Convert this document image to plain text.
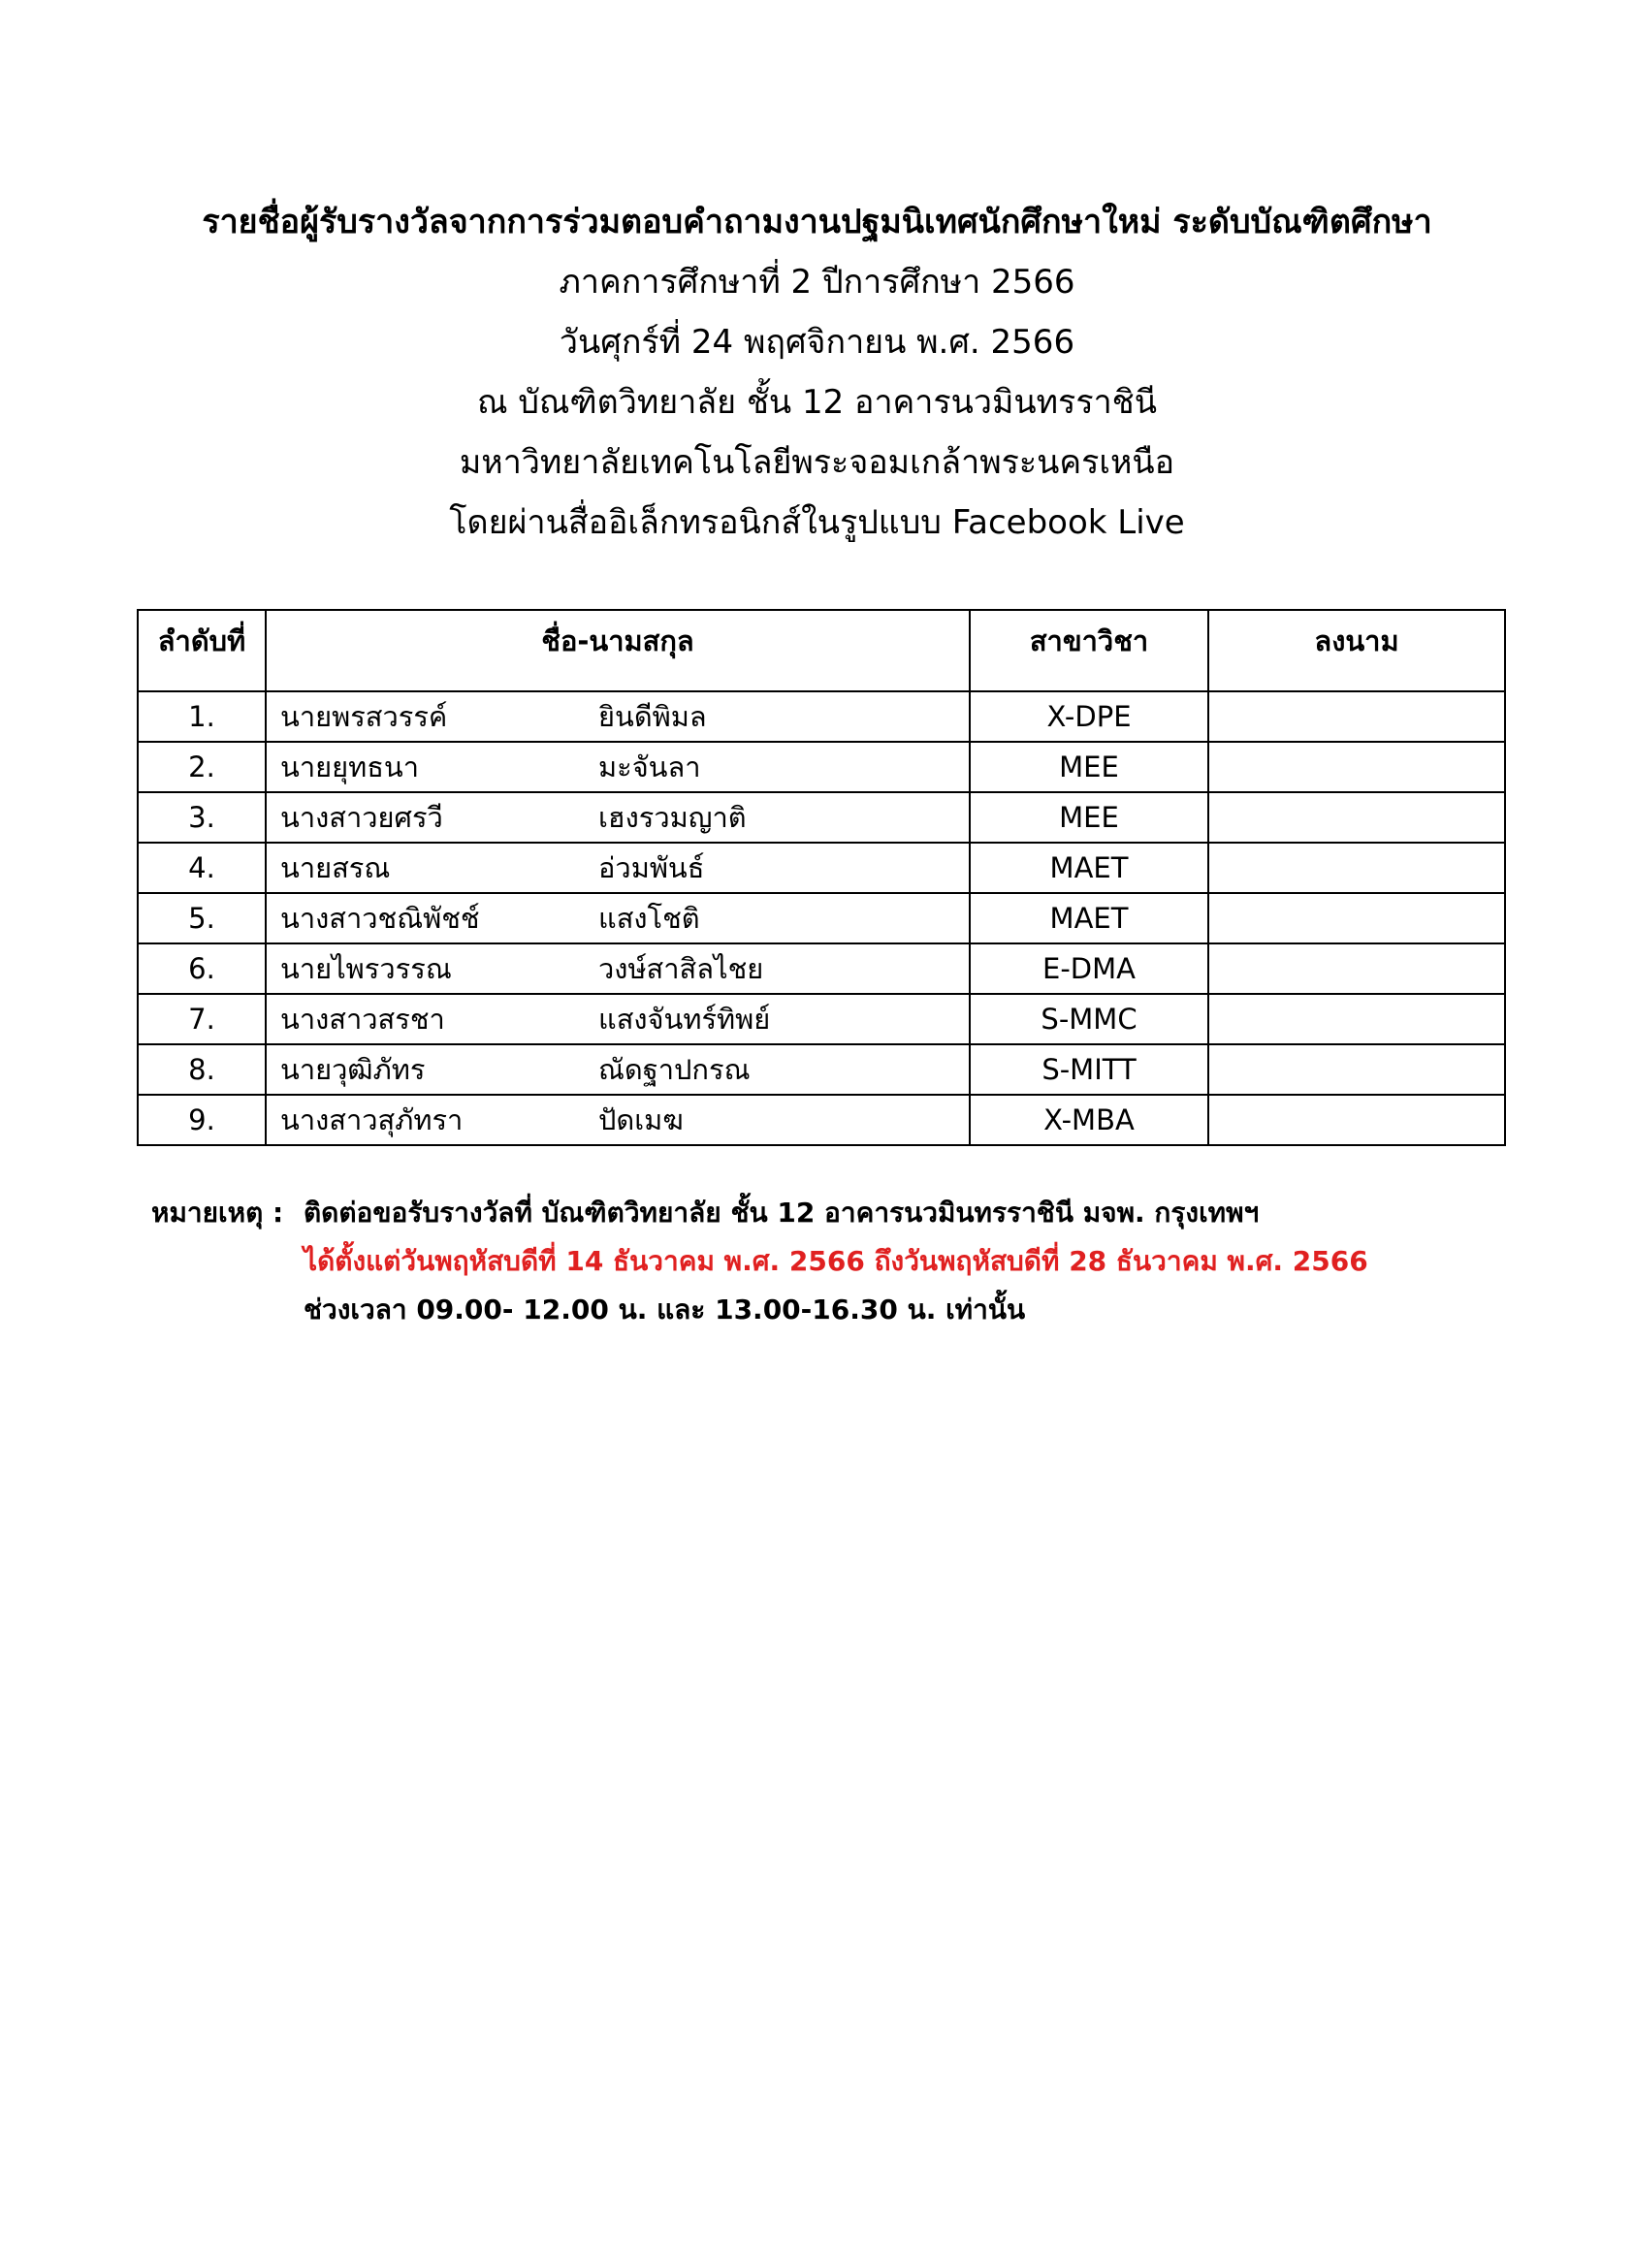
รายชื่อผู้รับรางวัลจากการร่วมตอบคำถามงานปฐมนิเทศนักศึกษาใหม่ ระดับบัณฑิตศึกษา
ภาคการศึกษาที่ 2 ปีการศึกษา 2566
วันศุกร์ที่ 24 พฤศจิกายน พ.ศ. 2566
ณ บัณฑิตวิทยาลัย ชั้น 12 อาคารนวมินทรราชินี
มหาวิทยาลัยเทคโนโลยีพระจอมเกล้าพระนครเหนือ
โดยผ่านสื่ออิเล็กทรอนิกส์ในรูปแบบ Facebook Live
ลำดับที่	ชื่อ-นามสกุล	สาขาวิชา	ลงนาม
1.	นายพรสวรรค์ ยินดีพิมล	X-DPE	
2.	นายยุทธนา มะจันลา	MEE	
3.	นางสาวยศรวี เฮงรวมญาติ	MEE	
4.	นายสรณ อ่วมพันธ์	MAET	
5.	นางสาวชณิพัชช์ แสงโชติ	MAET	
6.	นายไพรวรรณ วงษ์สาสิลไชย	E-DMA	
7.	นางสาวสรชา แสงจันทร์ทิพย์	S-MMC	
8.	นายวุฒิภัทร ณัดฐาปกรณ	S-MITT	
9.	นางสาวสุภัทรา ปัดเมฆ	X-MBA	
หมายเหตุ : ติดต่อขอรับรางวัลที่ บัณฑิตวิทยาลัย ชั้น 12 อาคารนวมินทรราชินี มจพ. กรุงเทพฯ
ได้ตั้งแต่วันพฤหัสบดีที่ 14 ธันวาคม พ.ศ. 2566 ถึงวันพฤหัสบดีที่ 28 ธันวาคม พ.ศ. 2566
ช่วงเวลา 09.00- 12.00 น. และ 13.00-16.30 น. เท่านั้น
